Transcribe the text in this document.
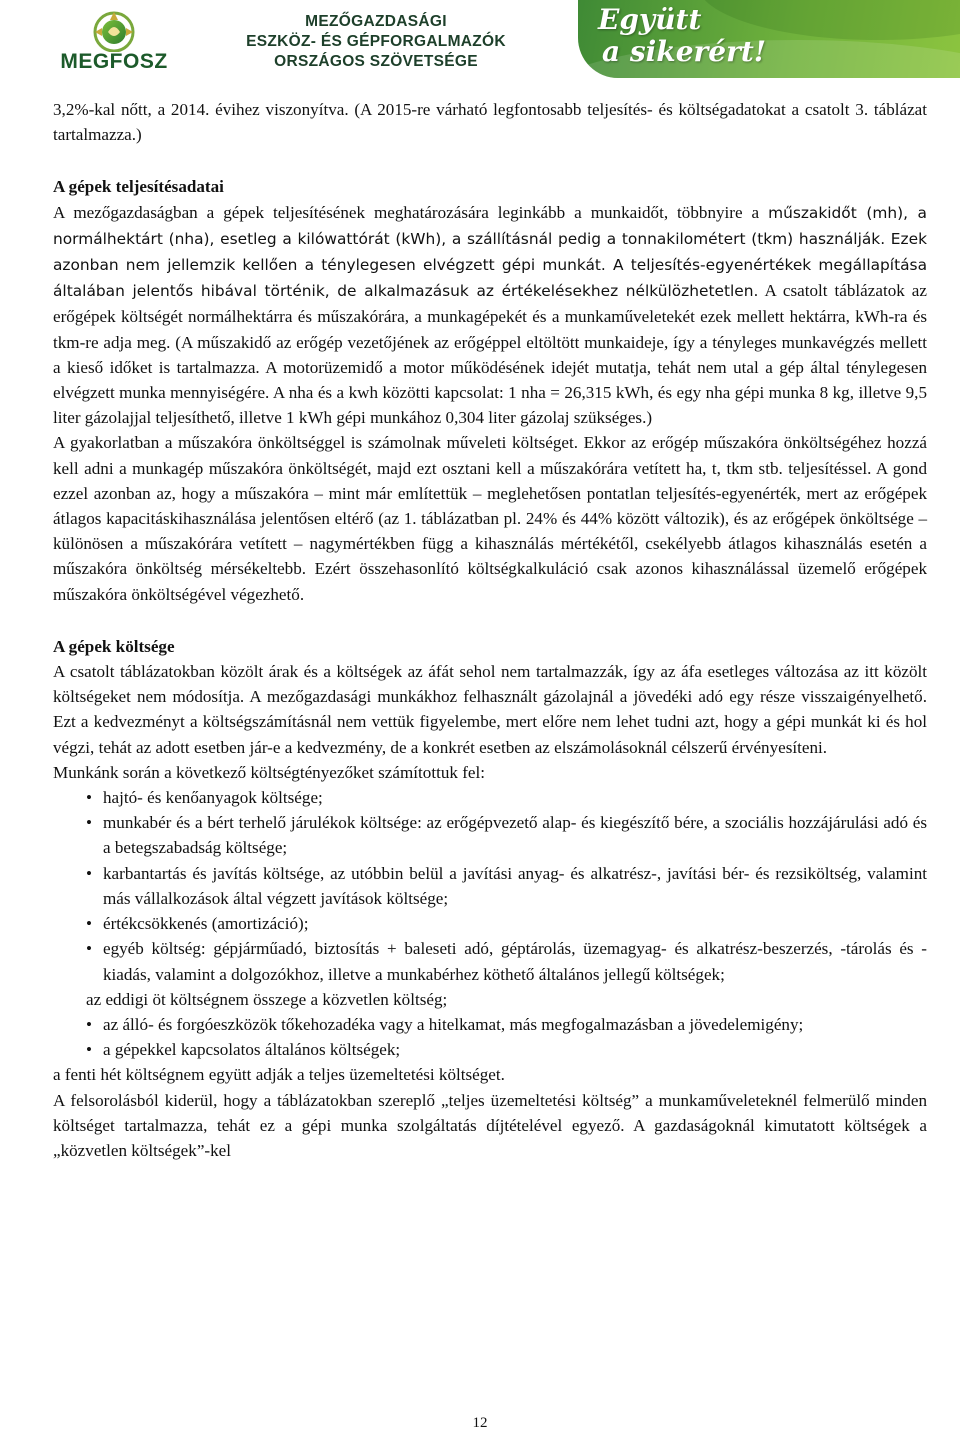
MEGFOSZ
MEZŐGAZDASÁGI
ESZKÖZ- ÉS GÉPFORGALMAZÓK
ORSZÁGOS SZÖVETSÉGE
Együtt
a sikerért!

3,2%-kal nőtt, a 2014. évihez viszonyítva. (A 2015-re várható legfontosabb teljesítés- és költségadatokat a csatolt 3. táblázat tartalmazza.)

A gépek teljesítésadatai

A mezőgazdaságban a gépek teljesítésének meghatározására leginkább a munkaidőt, többnyire a műszakidőt (mh), a normálhektárt (nha), esetleg a kilówattórát (kWh), a szállításnál pedig a tonnakilométert (tkm) használják. Ezek azonban nem jellemzik kellően a ténylegesen elvégzett gépi munkát. A teljesítés-egyenértékek megállapítása általában jelentős hibával történik, de alkalmazásuk az értékelésekhez nélkülözhetetlen. A csatolt táblázatok az erőgépek költségét normálhektárra és műszakórára, a munkagépekét és a munkaműveletekét ezek mellett hektárra, kWh-ra és tkm-re adja meg. (A műszakidő az erőgép vezetőjének az erőgéppel eltöltött munkaideje, így a tényleges munkavégzés mellett a kieső időket is tartalmazza. A motorüzemidő a motor működésének idejét mutatja, tehát nem utal a gép által ténylegesen elvégzett munka mennyiségére. A nha és a kwh közötti kapcsolat: 1 nha = 26,315 kWh, és egy nha gépi munka 8 kg, illetve 9,5 liter gázolajjal teljesíthető, illetve 1 kWh gépi munkához 0,304 liter gázolaj szükséges.)

A gyakorlatban a műszakóra önköltséggel is számolnak műveleti költséget. Ekkor az erőgép műszakóra önköltségéhez hozzá kell adni a munkagép műszakóra önköltségét, majd ezt osztani kell a műszakórára vetített ha, t, tkm stb. teljesítéssel. A gond ezzel azonban az, hogy a műszakóra – mint már említettük – meglehetősen pontatlan teljesítés-egyenérték, mert az erőgépek átlagos kapacitáskihasználása jelentősen eltérő (az 1. táblázatban pl. 24% és 44% között változik), és az erőgépek önköltsége – különösen a műszakórára vetített – nagymértékben függ a kihasználás mértékétől, csekélyebb átlagos kihasználás esetén a műszakóra önköltség mérsékeltebb. Ezért összehasonlító költségkalkuláció csak azonos kihasználással üzemelő erőgépek műszakóra önköltségével végezhető.

A gépek költsége

A csatolt táblázatokban közölt árak és a költségek az áfát sehol nem tartalmazzák, így az áfa esetleges változása az itt közölt költségeket nem módosítja. A mezőgazdasági munkákhoz felhasznált gázolajnál a jövedéki adó egy része visszaigényelhető. Ezt a kedvezményt a költségszámításnál nem vettük figyelembe, mert előre nem lehet tudni azt, hogy a gépi munkát ki és hol végzi, tehát az adott esetben jár-e a kedvezmény, de a konkrét esetben az elszámolásoknál célszerű érvényesíteni.

Munkánk során a következő költségtényezőket számítottuk fel:

• hajtó- és kenőanyagok költsége;
• munkabér és a bért terhelő járulékok költsége: az erőgépvezető alap- és kiegészítő bére, a szociális hozzájárulási adó és a betegszabadság költsége;
• karbantartás és javítás költsége, az utóbbin belül a javítási anyag- és alkatrész-, javítási bér- és rezsiköltség, valamint más vállalkozások által végzett javítások költsége;
• értékcsökkenés (amortizáció);
• egyéb költség: gépjárműadó, biztosítás + baleseti adó, géptárolás, üzemagyag- és alkatrész-beszerzés, -tárolás és -kiadás, valamint a dolgozókhoz, illetve a munkabérhez köthető általános jellegű költségek;

az eddigi öt költségnem összege a közvetlen költség;

• az álló- és forgóeszközök tőkehozadéka vagy a hitelkamat, más megfogalmazásban a jövedelemigény;
• a gépekkel kapcsolatos általános költségek;

a fenti hét költségnem együtt adják a teljes üzemeltetési költséget.

A felsorolásból kiderül, hogy a táblázatokban szereplő „teljes üzemeltetési költség” a munkaműveleteknél felmerülő minden költséget tartalmazza, tehát ez a gépi munka szolgáltatás díjtételével egyező. A gazdaságoknál kimutatott költségek a „közvetlen költségek”-kel

12
